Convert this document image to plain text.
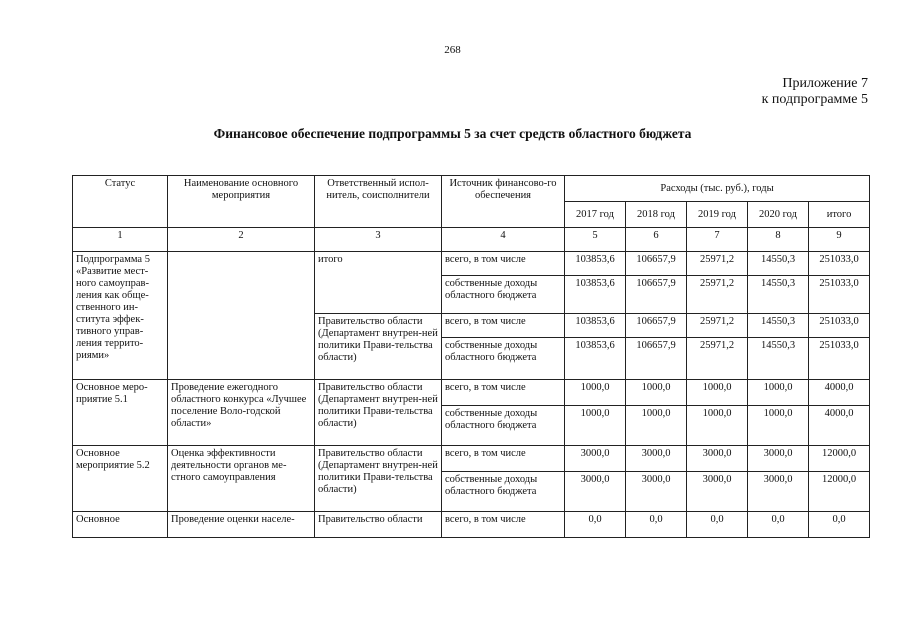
268
Приложение 7
к подпрограмме 5
Финансовое обеспечение подпрограммы 5 за счет средств областного бюджета
Статус	Наименование основного мероприятия	Ответственный испол-нитель, соисполнители	Источник финансово-го обеспечения	Расходы (тыс. руб.), годы				
				2017 год	2018 год	2019 год	2020 год	итого
1	2	3	4	5	6	7	8	9
Подпрограмма 5 «Развитие мест-ного самоуправ-ления как обще-ственного ин-ститута эффек-тивного управ-ления террито-риями»		итого	всего, в том числе	103853,6	106657,9	25971,2	14550,3	251033,0
			собственные доходы областного бюджета	103853,6	106657,9	25971,2	14550,3	251033,0
		Правительство области (Департамент внутрен-ней политики Прави-тельства области)	всего, в том числе	103853,6	106657,9	25971,2	14550,3	251033,0
			собственные доходы областного бюджета	103853,6	106657,9	25971,2	14550,3	251033,0
Основное меро-приятие 5.1	Проведение ежегодного областного конкурса «Лучшее поселение Воло-годской области»	Правительство области (Департамент внутрен-ней политики Прави-тельства области)	всего, в том числе	1000,0	1000,0	1000,0	1000,0	4000,0
			собственные доходы областного бюджета	1000,0	1000,0	1000,0	1000,0	4000,0
Основное мероприятие 5.2	Оценка эффективности деятельности органов ме-стного самоуправления	Правительство области (Департамент внутрен-ней политики Прави-тельства области)	всего, в том числе	3000,0	3000,0	3000,0	3000,0	12000,0
			собственные доходы областного бюджета	3000,0	3000,0	3000,0	3000,0	12000,0
Основное	Проведение оценки населе-	Правительство области	всего, в том числе	0,0	0,0	0,0	0,0	0,0
